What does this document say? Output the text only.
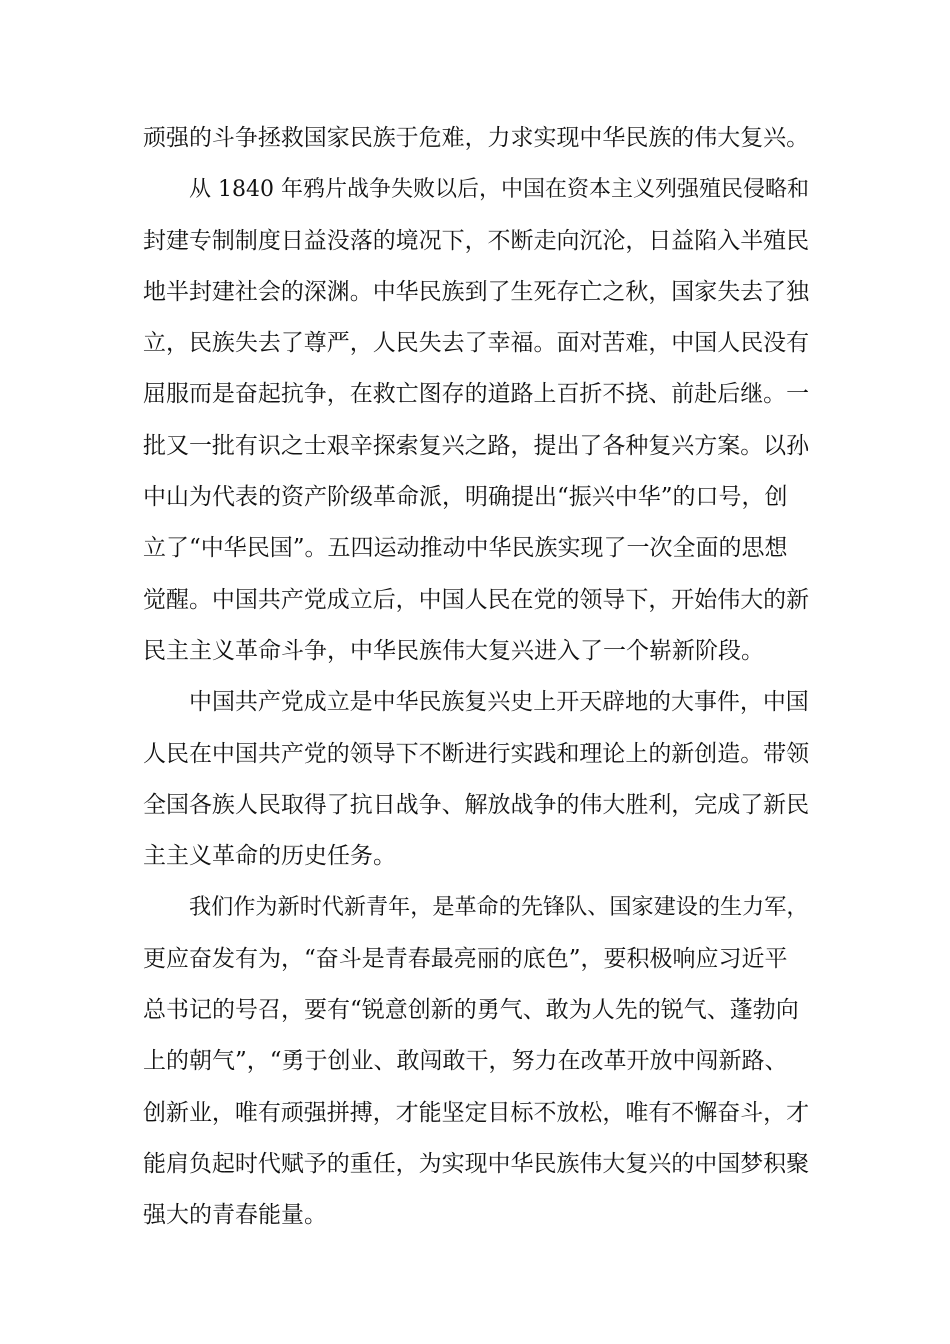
顽强的斗争拯救国家民族于危难，力求实现中华民族的伟大复兴。
从 1840 年鸦片战争失败以后，中国在资本主义列强殖民侵略和
封建专制制度日益没落的境况下，不断走向沉沦，日益陷入半殖民
地半封建社会的深渊。中华民族到了生死存亡之秋，国家失去了独
立，民族失去了尊严，人民失去了幸福。面对苦难，中国人民没有
屈服而是奋起抗争，在救亡图存的道路上百折不挠、前赴后继。一
批又一批有识之士艰辛探索复兴之路，提出了各种复兴方案。以孙
中山为代表的资产阶级革命派，明确提出“振兴中华”的口号，创
立了“中华民国”。五四运动推动中华民族实现了一次全面的思想
觉醒。中国共产党成立后，中国人民在党的领导下，开始伟大的新
民主主义革命斗争，中华民族伟大复兴进入了一个崭新阶段。
中国共产党成立是中华民族复兴史上开天辟地的大事件，中国
人民在中国共产党的领导下不断进行实践和理论上的新创造。带领
全国各族人民取得了抗日战争、解放战争的伟大胜利，完成了新民
主主义革命的历史任务。
我们作为新时代新青年，是革命的先锋队、国家建设的生力军，
更应奋发有为，“奋斗是青春最亮丽的底色”，要积极响应习近平
总书记的号召，要有“锐意创新的勇气、敢为人先的锐气、蓬勃向
上的朝气”，“勇于创业、敢闯敢干，努力在改革开放中闯新路、
创新业，唯有顽强拼搏，才能坚定目标不放松，唯有不懈奋斗，才
能肩负起时代赋予的重任，为实现中华民族伟大复兴的中国梦积聚
强大的青春能量。
